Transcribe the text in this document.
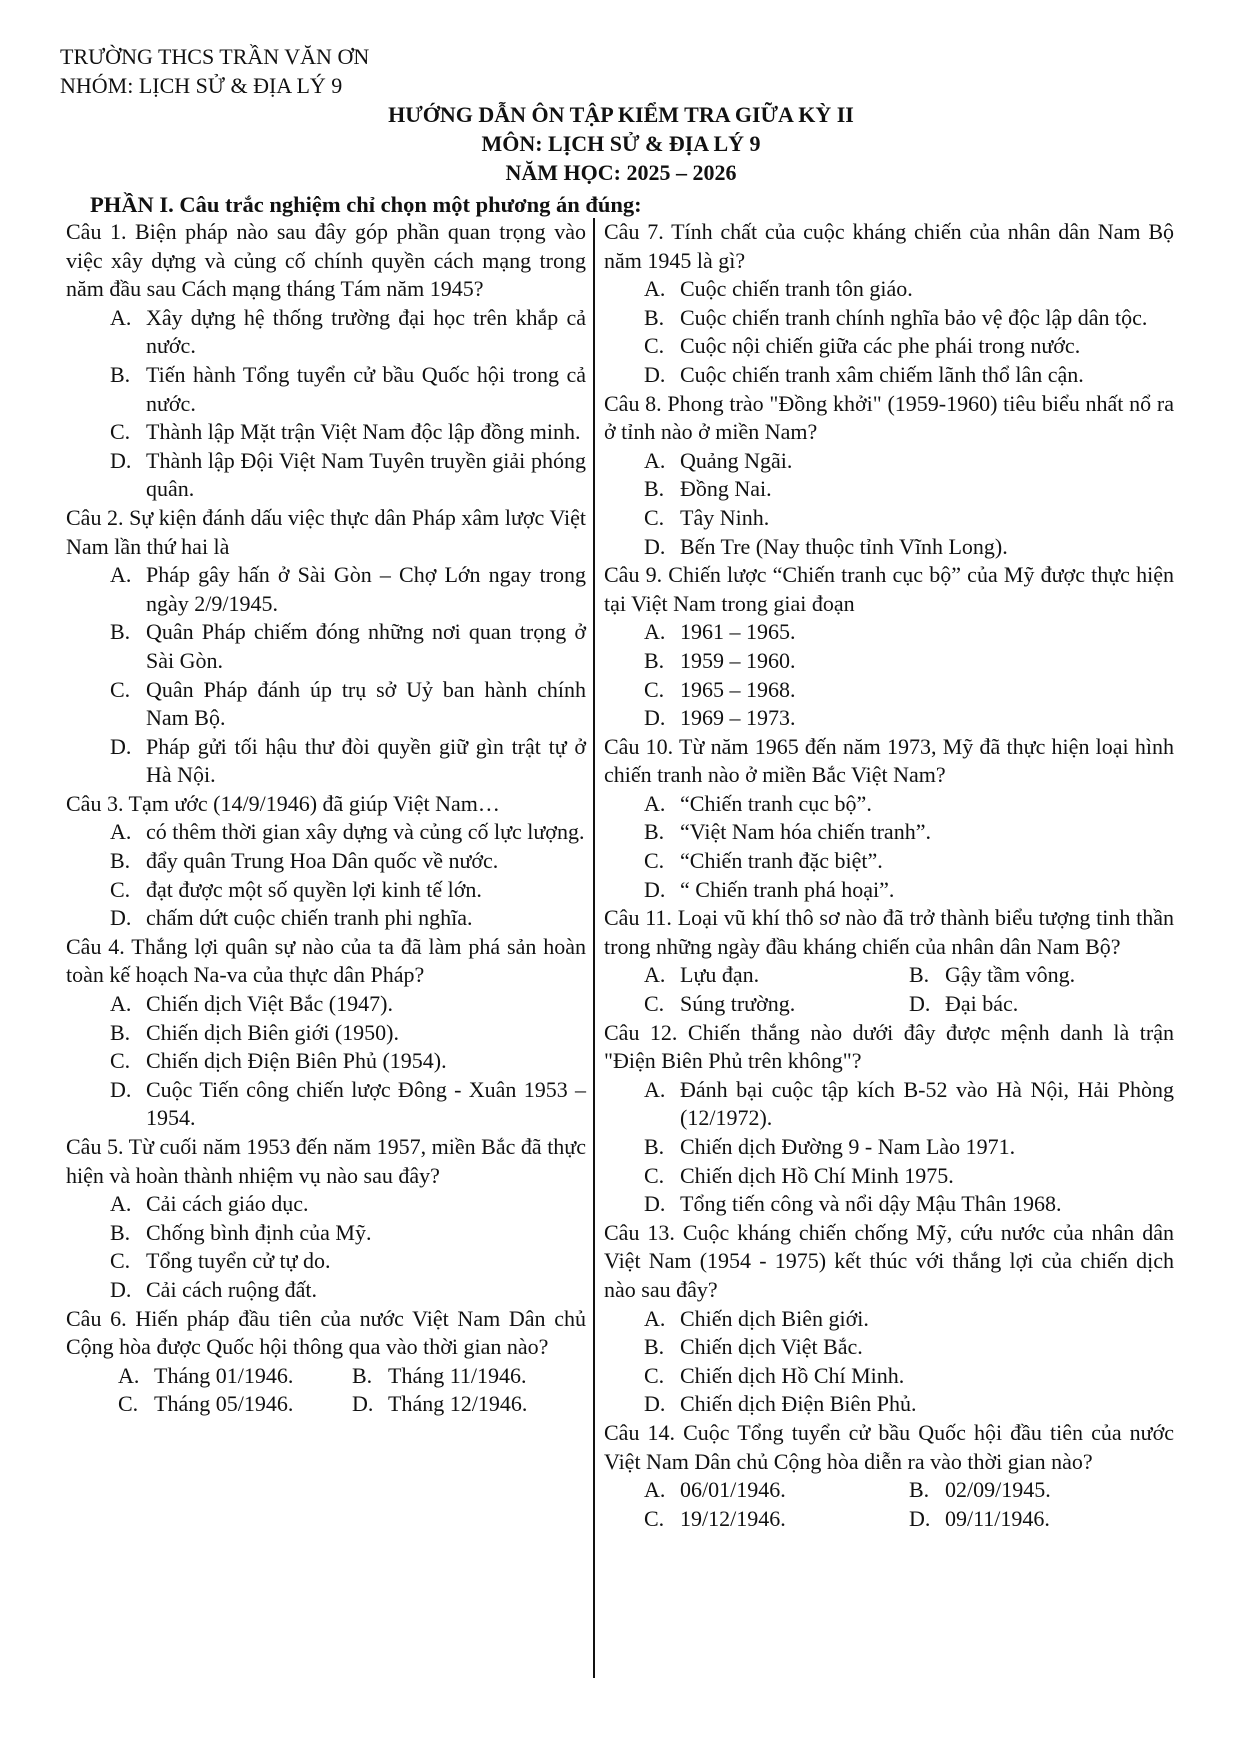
TRƯỜNG THCS TRẦN VĂN ƠN
NHÓM: LỊCH SỬ & ĐỊA LÝ 9
HƯỚNG DẪN ÔN TẬP KIỂM TRA GIỮA KỲ II
MÔN: LỊCH SỬ & ĐỊA LÝ 9
NĂM HỌC: 2025 – 2026
PHẦN I. Câu trắc nghiệm chỉ chọn một phương án đúng:
Câu 1. Biện pháp nào sau đây góp phần quan trọng vào việc xây dựng và củng cố chính quyền cách mạng trong năm đầu sau Cách mạng tháng Tám năm 1945?
A. Xây dựng hệ thống trường đại học trên khắp cả nước.
B. Tiến hành Tổng tuyển cử bầu Quốc hội trong cả nước.
C. Thành lập Mặt trận Việt Nam độc lập đồng minh.
D. Thành lập Đội Việt Nam Tuyên truyền giải phóng quân.
Câu 2. Sự kiện đánh dấu việc thực dân Pháp xâm lược Việt Nam lần thứ hai là
A. Pháp gây hấn ở Sài Gòn – Chợ Lớn ngay trong ngày 2/9/1945.
B. Quân Pháp chiếm đóng những nơi quan trọng ở Sài Gòn.
C. Quân Pháp đánh úp trụ sở Uỷ ban hành chính Nam Bộ.
D. Pháp gửi tối hậu thư đòi quyền giữ gìn trật tự ở Hà Nội.
Câu 3. Tạm ước (14/9/1946) đã giúp Việt Nam…
A. có thêm thời gian xây dựng và củng cố lực lượng.
B. đẩy quân Trung Hoa Dân quốc về nước.
C. đạt được một số quyền lợi kinh tế lớn.
D. chấm dứt cuộc chiến tranh phi nghĩa.
Câu 4. Thắng lợi quân sự nào của ta đã làm phá sản hoàn toàn kế hoạch Na-va của thực dân Pháp?
A. Chiến dịch Việt Bắc (1947).
B. Chiến dịch Biên giới (1950).
C. Chiến dịch Điện Biên Phủ (1954).
D. Cuộc Tiến công chiến lược Đông - Xuân 1953 – 1954.
Câu 5. Từ cuối năm 1953 đến năm 1957, miền Bắc đã thực hiện và hoàn thành nhiệm vụ nào sau đây?
A. Cải cách giáo dục.
B. Chống bình định của Mỹ.
C. Tổng tuyển cử tự do.
D. Cải cách ruộng đất.
Câu 6. Hiến pháp đầu tiên của nước Việt Nam Dân chủ Cộng hòa được Quốc hội thông qua vào thời gian nào?
A. Tháng 01/1946.	B. Tháng 11/1946.
C. Tháng 05/1946.	D. Tháng 12/1946.
Câu 7. Tính chất của cuộc kháng chiến của nhân dân Nam Bộ năm 1945 là gì?
A. Cuộc chiến tranh tôn giáo.
B. Cuộc chiến tranh chính nghĩa bảo vệ độc lập dân tộc.
C. Cuộc nội chiến giữa các phe phái trong nước.
D. Cuộc chiến tranh xâm chiếm lãnh thổ lân cận.
Câu 8. Phong trào "Đồng khởi" (1959-1960) tiêu biểu nhất nổ ra ở tỉnh nào ở miền Nam?
A. Quảng Ngãi.
B. Đồng Nai.
C. Tây Ninh.
D. Bến Tre (Nay thuộc tỉnh Vĩnh Long).
Câu 9. Chiến lược “Chiến tranh cục bộ” của Mỹ được thực hiện tại Việt Nam trong giai đoạn
A. 1961 – 1965.
B. 1959 – 1960.
C. 1965 – 1968.
D. 1969 – 1973.
Câu 10. Từ năm 1965 đến năm 1973, Mỹ đã thực hiện loại hình chiến tranh nào ở miền Bắc Việt Nam?
A. “Chiến tranh cục bộ”.
B. “Việt Nam hóa chiến tranh”.
C. “Chiến tranh đặc biệt”.
D. “ Chiến tranh phá hoại”.
Câu 11. Loại vũ khí thô sơ nào đã trở thành biểu tượng tinh thần trong những ngày đầu kháng chiến của nhân dân Nam Bộ?
A. Lựu đạn.	B. Gậy tầm vông.
C. Súng trường.	D. Đại bác.
Câu 12. Chiến thắng nào dưới đây được mệnh danh là trận "Điện Biên Phủ trên không"?
A. Đánh bại cuộc tập kích B-52 vào Hà Nội, Hải Phòng (12/1972).
B. Chiến dịch Đường 9 - Nam Lào 1971.
C. Chiến dịch Hồ Chí Minh 1975.
D. Tổng tiến công và nổi dậy Mậu Thân 1968.
Câu 13. Cuộc kháng chiến chống Mỹ, cứu nước của nhân dân Việt Nam (1954 - 1975) kết thúc với thắng lợi của chiến dịch nào sau đây?
A. Chiến dịch Biên giới.
B. Chiến dịch Việt Bắc.
C. Chiến dịch Hồ Chí Minh.
D. Chiến dịch Điện Biên Phủ.
Câu 14. Cuộc Tổng tuyển cử bầu Quốc hội đầu tiên của nước Việt Nam Dân chủ Cộng hòa diễn ra vào thời gian nào?
A. 06/01/1946.	B. 02/09/1945.
C. 19/12/1946.	D. 09/11/1946.
